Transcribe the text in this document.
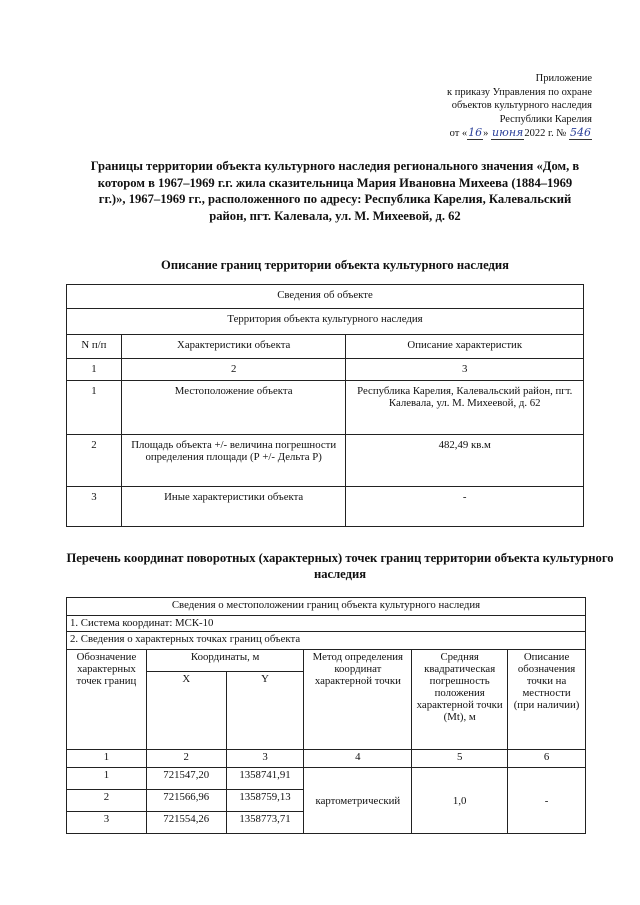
Приложение
к приказу Управления по охране
объектов культурного наследия
Республики Карелия
от «16» июня2022 г. № 546
Границы территории объекта культурного наследия регионального значения «Дом, в котором в 1967–1969 г.г. жила сказительница Мария Ивановна Михеева (1884–1969 гг.)», 1967–1969 гг., расположенного по адресу: Республика Карелия, Калевальский район, пгт. Калевала, ул. М. Михеевой, д. 62
Описание границ территории объекта культурного наследия
Сведения об объекте		
Территория объекта культурного наследия		
N п/п	Характеристики объекта	Описание характеристик
1	2	3
1	Местоположение объекта	Республика Карелия, Калевальский район, пгт. Калевала, ул. М. Михеевой, д. 62
2	Площадь объекта +/- величина погрешности определения площади (Р +/- Дельта Р)	482,49 кв.м
3	Иные характеристики объекта	-
Перечень координат поворотных (характерных) точек границ территории объекта культурного наследия
Сведения о местоположении границ объекта культурного наследия					
1. Система координат: МСК-10					
2. Сведения о характерных точках границ объекта					
Обозначение характерных точек границ	Координаты, м		Метод определения координат характерной точки	Средняя квадратическая погрешность положения характерной точки (Mt), м	Описание обозначения точки на местности (при наличии)
	X	Y			
1	2	3	4	5	6
1	721547,20	1358741,91	картометрический	1,0	-
2	721566,96	1358759,13			
3	721554,26	1358773,71			
